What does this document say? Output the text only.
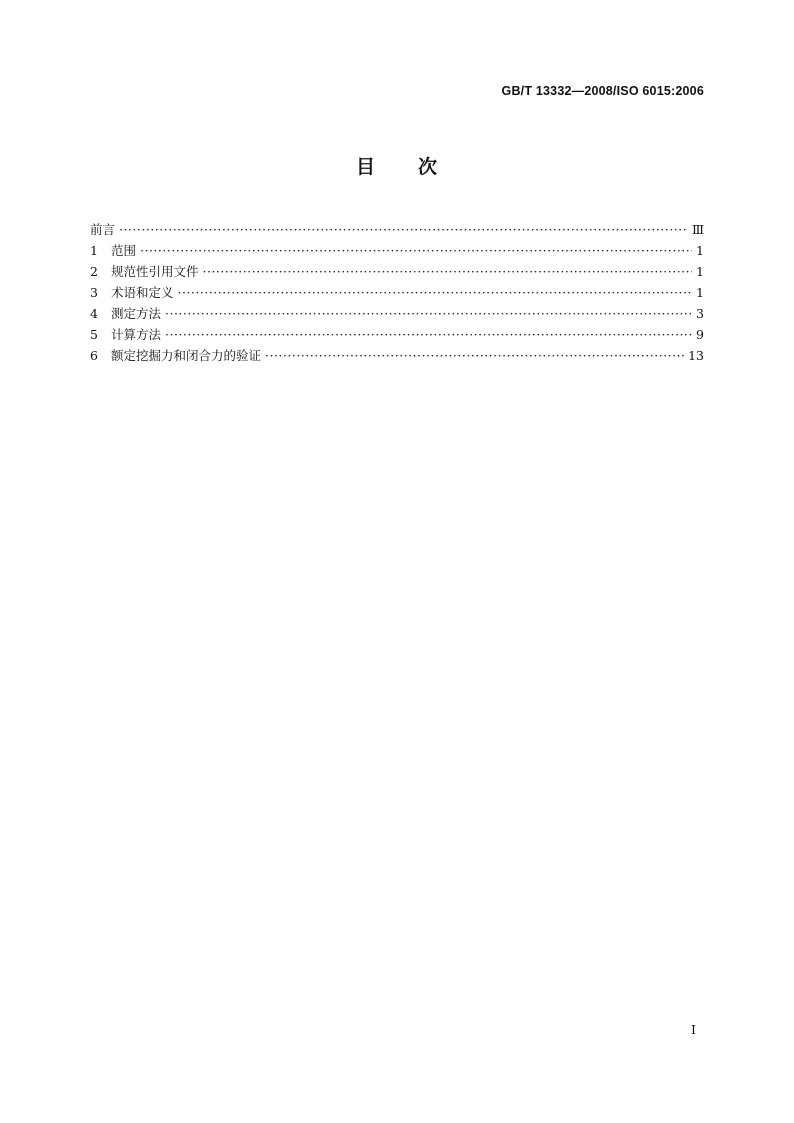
GB/T 13332—2008/ISO 6015:2006
目 次
前言 ·····	Ⅲ
1	范围 ·····	1
2	规范性引用文件 ·····	1
3	术语和定义 ·····	1
4	测定方法 ·····	3
5	计算方法 ·····	9
6	额定挖掘力和闭合力的验证 ·····	13
I
